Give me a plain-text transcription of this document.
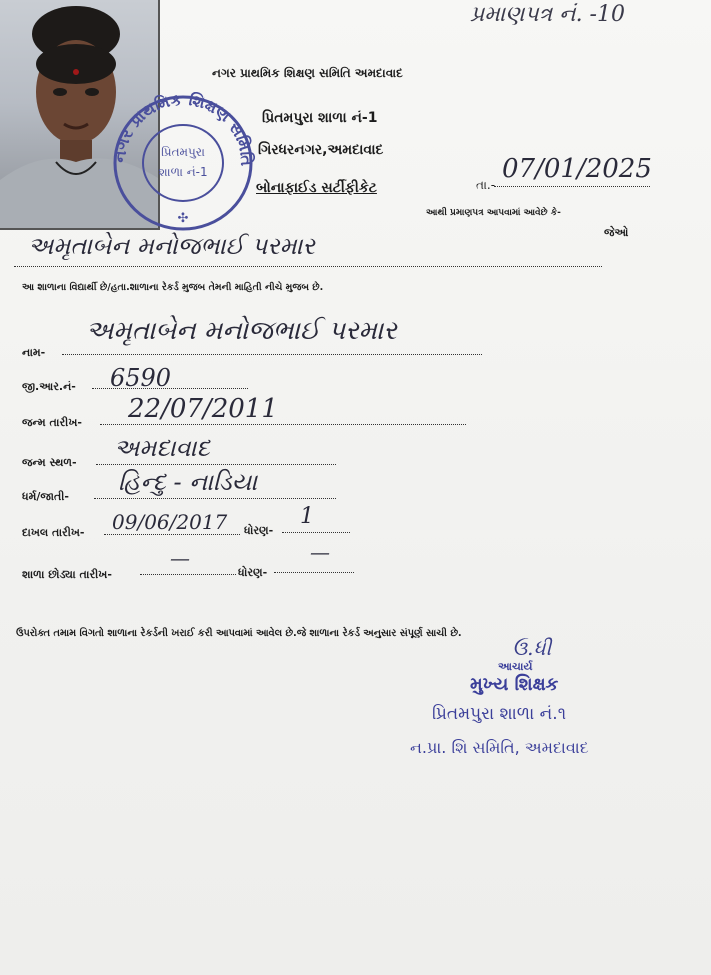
નગર પ્રાથમિક શિક્ષણ સમિતિ
પ્રિતમપુરા
શાળા નં-1
✣
પ્રમાણપત્ર નં. -10
નગર પ્રાથમિક શિક્ષણ સમિતિ અમદાવાદ
પ્રિતમપુરા શાળા નં-1
ગિરધરનગર,અમદાવાદ
બોનાફાઈડ સર્ટીફીકેટ	તા.-
07/01/2025
આથી પ્રમાણપત્ર આપવામાં આવેછે કે-
અમૃતાબેન મનોજભાઈ પરમાર	જેઓ
આ શાળાના વિદ્યાર્થી છે/હતા.શાળાના રેકર્ડ મુજબ તેમની માહિતી નીચે મુજબ છે.
નામ-
અમૃતાબેન મનોજભાઈ પરમાર
જી.આર.નં- 6590
જન્મ તારીખ- 22/07/2011
જન્મ સ્થળ-
અમદાવાદ
ધર્મ/જાતી-
હિન્દુ - નાડિયા
દાખલ તારીખ- 09/06/2017 ધોરણ-
1
શાળા છોડ્યા તારીખ-
—
ધોરણ-
—
ઉપરોક્ત તમામ વિગતો શાળાના રેકર્ડની ખરાઈ કરી આપવામાં આવેલ છે.જે શાળાના રેકર્ડ અનુસાર સંપૂર્ણ સાચી છે.
ઉ.ધી
આચાર્ય
મુખ્ય શિક્ષક
પ્રિતમપુરા શાળા નં.૧
ન.પ્રા. શિ સમિતિ, અમદાવાદ
